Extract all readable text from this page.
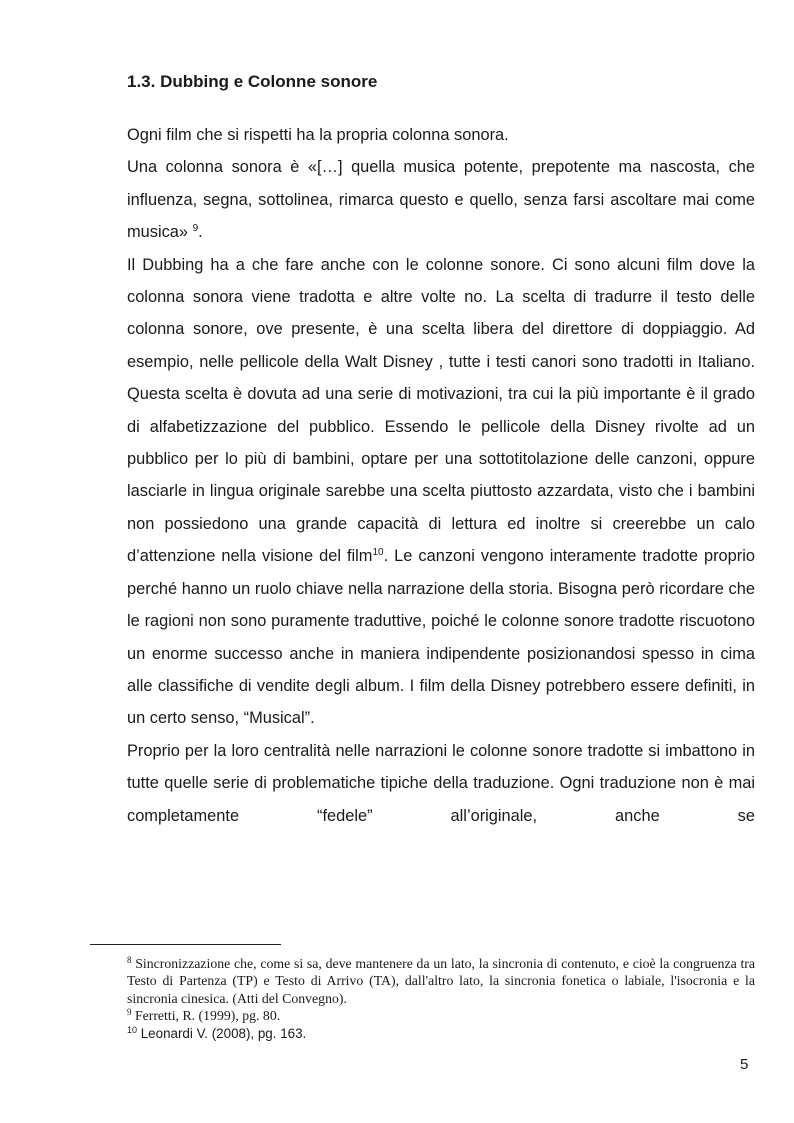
1.3. Dubbing e Colonne sonore

Ogni film che si rispetti ha la propria colonna sonora.

Una colonna sonora è «[…] quella musica potente, prepotente ma nascosta, che influenza, segna, sottolinea, rimarca questo e quello, senza farsi ascoltare mai come musica» $^9$.

Il Dubbing ha a che fare anche con le colonne sonore. Ci sono alcuni film dove la colonna sonora viene tradotta e altre volte no. La scelta di tradurre il testo delle colonna sonore, ove presente, è una scelta libera del direttore di doppiaggio. Ad esempio, nelle pellicole della Walt Disney , tutte i testi canori sono tradotti in Italiano. Questa scelta è dovuta ad una serie di motivazioni, tra cui la più importante è il grado di alfabetizzazione del pubblico. Essendo le pellicole della Disney rivolte ad un pubblico per lo più di bambini, optare per una sottotitolazione delle canzoni, oppure lasciarle in lingua originale sarebbe una scelta piuttosto azzardata, visto che i bambini non possiedono una grande capacità di lettura ed inoltre si creerebbe un calo d’attenzione nella visione del film$^{10}$. Le canzoni vengono interamente tradotte proprio perché hanno un ruolo chiave nella narrazione della storia. Bisogna però ricordare che le ragioni non sono puramente traduttive, poiché le colonne sonore tradotte riscuotono un enorme successo anche in maniera indipendente posizionandosi spesso in cima alle classifiche di vendite degli album. I film della Disney potrebbero essere definiti, in un certo senso, “Musical”.

Proprio per la loro centralità nelle narrazioni le colonne sonore tradotte si imbattono in tutte quelle serie di problematiche tipiche della traduzione. Ogni traduzione non è mai completamente “fedele” all’originale, anche se

$^8$ Sincronizzazione che, come si sa, deve mantenere da un lato, la sincronia di contenuto, e cioè la congruenza tra Testo di Partenza (TP) e Testo di Arrivo (TA), dall'altro lato, la sincronia fonetica o labiale, l'isocronia e la sincronia cinesica. (Atti del Convegno).

$^9$ Ferretti, R. (1999), pg. 80.

$^{10}$ Leonardi V. (2008), pg. 163.

5
